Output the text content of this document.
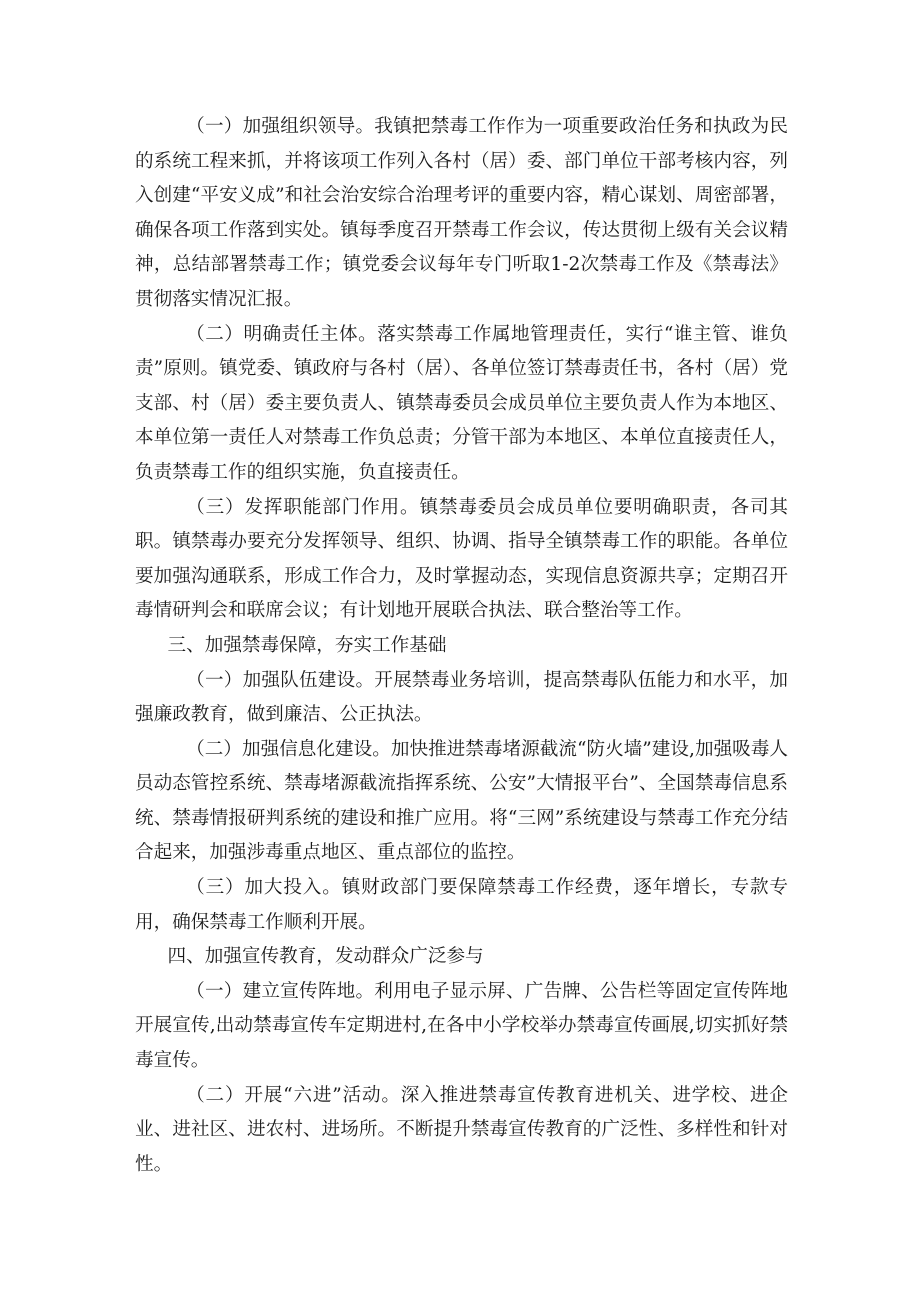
（一）加强组织领导。我镇把禁毒工作作为一项重要政治任务和执政为民的系统工程来抓，并将该项工作列入各村（居）委、部门单位干部考核内容，列入创建“平安义成”和社会治安综合治理考评的重要内容，精心谋划、周密部署，确保各项工作落到实处。镇每季度召开禁毒工作会议，传达贯彻上级有关会议精神，总结部署禁毒工作；镇党委会议每年专门听取1-2次禁毒工作及《禁毒法》贯彻落实情况汇报。

（二）明确责任主体。落实禁毒工作属地管理责任，实行“谁主管、谁负责”原则。镇党委、镇政府与各村（居）、各单位签订禁毒责任书，各村（居）党支部、村（居）委主要负责人、镇禁毒委员会成员单位主要负责人作为本地区、本单位第一责任人对禁毒工作负总责；分管干部为本地区、本单位直接责任人，负责禁毒工作的组织实施，负直接责任。

（三）发挥职能部门作用。镇禁毒委员会成员单位要明确职责，各司其职。镇禁毒办要充分发挥领导、组织、协调、指导全镇禁毒工作的职能。各单位要加强沟通联系，形成工作合力，及时掌握动态，实现信息资源共享；定期召开毒情研判会和联席会议；有计划地开展联合执法、联合整治等工作。

三、加强禁毒保障，夯实工作基础

（一）加强队伍建设。开展禁毒业务培训，提高禁毒队伍能力和水平，加强廉政教育，做到廉洁、公正执法。

（二）加强信息化建设。加快推进禁毒堵源截流“防火墙”建设,加强吸毒人员动态管控系统、禁毒堵源截流指挥系统、公安”大情报平台”、全国禁毒信息系统、禁毒情报研判系统的建设和推广应用。将“三网”系统建设与禁毒工作充分结合起来，加强涉毒重点地区、重点部位的监控。

（三）加大投入。镇财政部门要保障禁毒工作经费，逐年增长，专款专用，确保禁毒工作顺利开展。

四、加强宣传教育，发动群众广泛参与

（一）建立宣传阵地。利用电子显示屏、广告牌、公告栏等固定宣传阵地开展宣传,出动禁毒宣传车定期进村,在各中小学校举办禁毒宣传画展,切实抓好禁毒宣传。

（二）开展“六进”活动。深入推进禁毒宣传教育进机关、进学校、进企业、进社区、进农村、进场所。不断提升禁毒宣传教育的广泛性、多样性和针对性。
